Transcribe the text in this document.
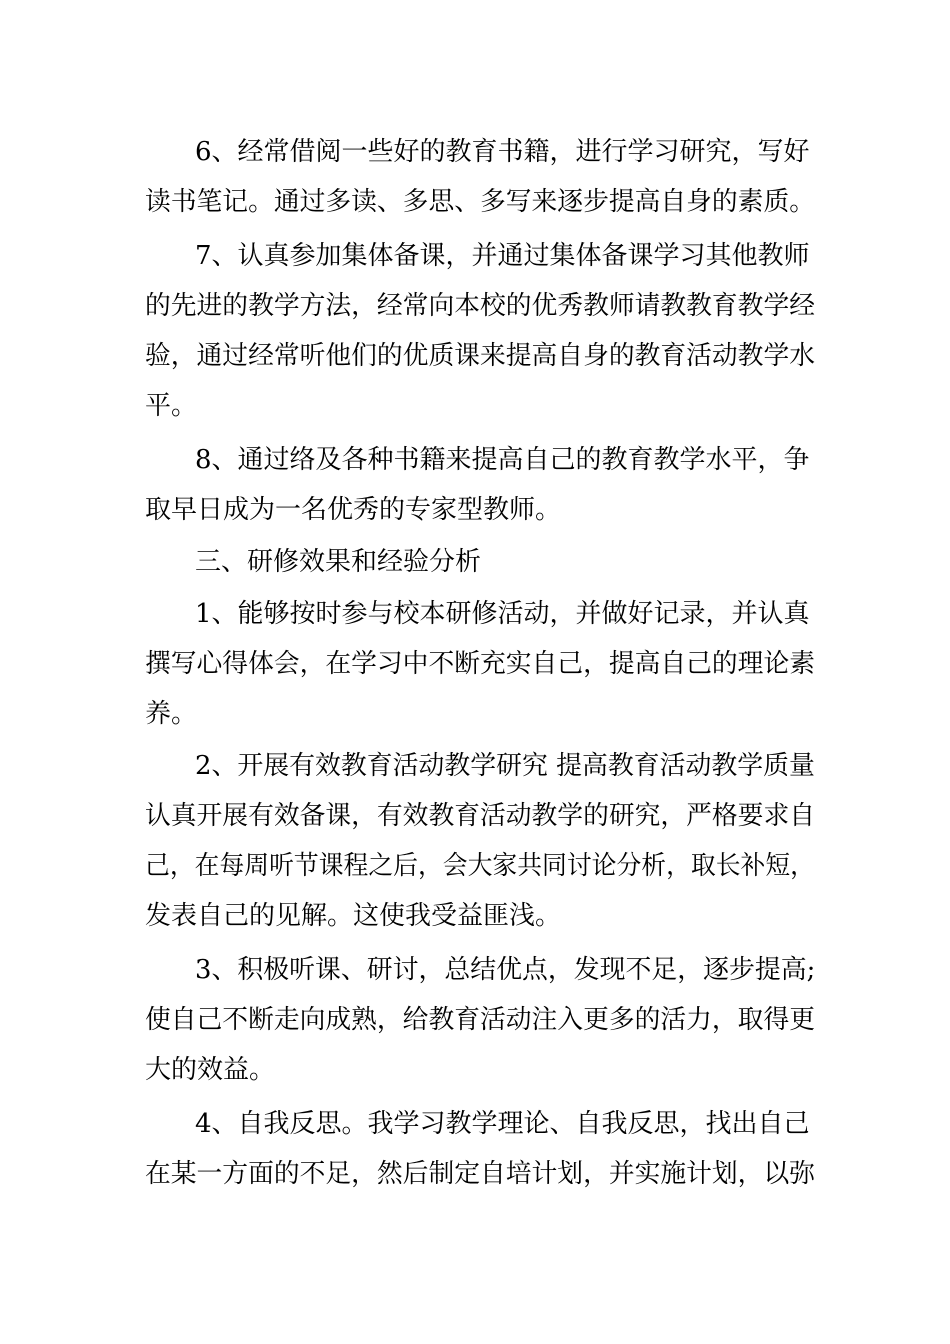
6、经常借阅一些好的教育书籍，进行学习研究，写好
读书笔记。通过多读、多思、多写来逐步提高自身的素质。
7、认真参加集体备课，并通过集体备课学习其他教师
的先进的教学方法，经常向本校的优秀教师请教教育教学经
验，通过经常听他们的优质课来提高自身的教育活动教学水
平。
8、通过络及各种书籍来提高自己的教育教学水平，争
取早日成为一名优秀的专家型教师。
三、研修效果和经验分析
1、能够按时参与校本研修活动，并做好记录，并认真
撰写心得体会，在学习中不断充实自己，提高自己的理论素
养。
2、开展有效教育活动教学研究 提高教育活动教学质量
认真开展有效备课，有效教育活动教学的研究，严格要求自
己，在每周听节课程之后，会大家共同讨论分析，取长补短，
发表自己的见解。这使我受益匪浅。
3、积极听课、研讨，总结优点，发现不足，逐步提高;
使自己不断走向成熟，给教育活动注入更多的活力，取得更
大的效益。
4、自我反思。我学习教学理论、自我反思，找出自己
在某一方面的不足，然后制定自培计划，并实施计划，以弥
